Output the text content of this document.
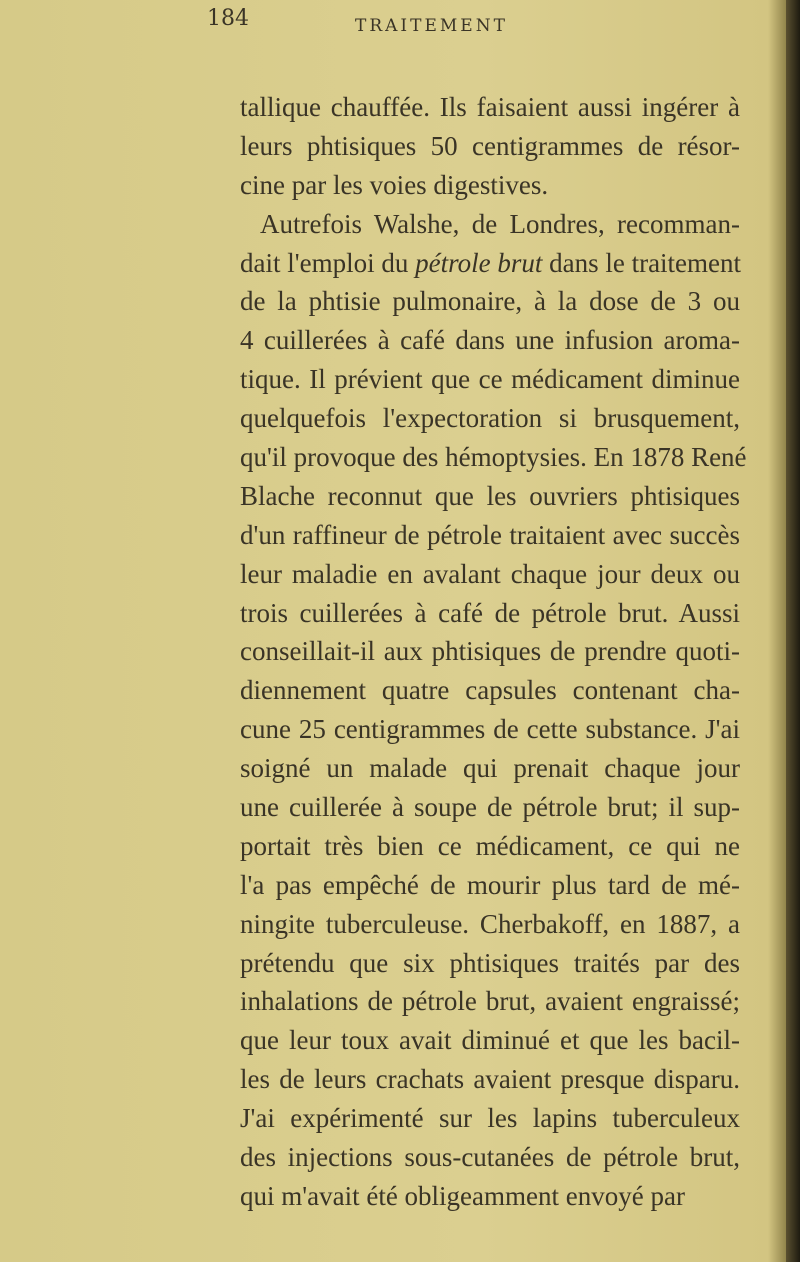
184	TRAITEMENT
tallique chauffée. Ils faisaient aussi ingérer à
leurs phtisiques 50 centigrammes de résor-
cine par les voies digestives.
Autrefois Walshe, de Londres, recomman-
dait l'emploi du pétrole brut dans le traitement
de la phtisie pulmonaire, à la dose de 3 ou
4 cuillerées à café dans une infusion aroma-
tique. Il prévient que ce médicament diminue
quelquefois l'expectoration si brusquement,
qu'il provoque des hémoptysies. En 1878 René
Blache reconnut que les ouvriers phtisiques
d'un raffineur de pétrole traitaient avec succès
leur maladie en avalant chaque jour deux ou
trois cuillerées à café de pétrole brut. Aussi
conseillait-il aux phtisiques de prendre quoti-
diennement quatre capsules contenant cha-
cune 25 centigrammes de cette substance. J'ai
soigné un malade qui prenait chaque jour
une cuillerée à soupe de pétrole brut; il sup-
portait très bien ce médicament, ce qui ne
l'a pas empêché de mourir plus tard de mé-
ningite tuberculeuse. Cherbakoff, en 1887, a
prétendu que six phtisiques traités par des
inhalations de pétrole brut, avaient engraissé;
que leur toux avait diminué et que les bacil-
les de leurs crachats avaient presque disparu.
J'ai expérimenté sur les lapins tuberculeux
des injections sous-cutanées de pétrole brut,
qui m'avait été obligeamment envoyé par
